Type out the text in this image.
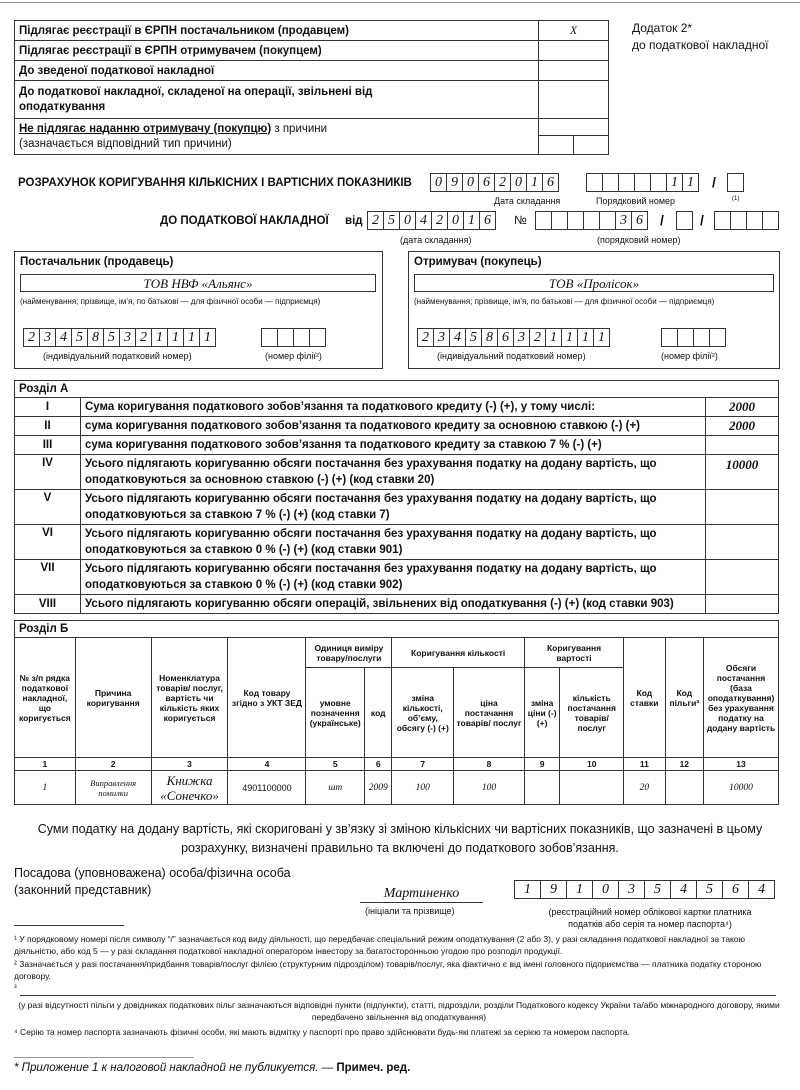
Підлягає реєстрації в ЄРПН постачальником (продавцем)	X
Підлягає реєстрації в ЄРПН отримувачем (покупцем)	
До зведеної податкової накладної	
До податкової накладної, складеної на операції, звільнені від оподаткування	
Не підлягає наданню отримувачу (покупцю) з причини
(зазначається відповідний тип причини)	
Додаток 2*
до податкової накладної
РОЗРАХУНОК КОРИГУВАННЯ КІЛЬКІСНИХ І ВАРТІСНИХ ПОКАЗНИКІВ	0 9 0 6 2 0 1 6
Дата складання
1 1	/
Порядковий номер	(1)
ДО ПОДАТКОВОЇ НАКЛАДНОЇ від 2 5 0 4 2 0 1 6
(дата складання)
№	3 6	/	/
(порядковий номер)
Постачальник (продавець)
ТОВ НВФ «Альянс»
(найменування; прізвище, ім’я, по батькові — для фізичної особи — підприємця)
2 3 4 5 8 5 3 2 1 1 1 1
(індивідуальний податковий номер)	(номер філії²)
Отримувач (покупець)
ТОВ «Пролісок»
(найменування; прізвище, ім’я, по батькові — для фізичної особи — підприємця)
2 3 4 5 8 6 3 2 1 1 1 1
(індивідуальний податковий номер)	(номер філії²)
Розділ А		
I	Сума коригування податкового зобов’язання та податкового кредиту (-) (+), у тому числі:	2000
II	сума коригування податкового зобов’язання та податкового кредиту за основною ставкою (-) (+)	2000
III	сума коригування податкового зобов’язання та податкового кредиту за ставкою 7 % (-) (+)	
IV	Усього підлягають коригуванню обсяги постачання без урахування податку на додану вартість, що оподатковуються за основною ставкою (-) (+) (код ставки 20)	10000
V	Усього підлягають коригуванню обсяги постачання без урахування податку на додану вартість, що оподатковуються за ставкою 7 % (-) (+) (код ставки 7)	
VI	Усього підлягають коригуванню обсяги постачання без урахування податку на додану вартість, що оподатковуються за ставкою 0 % (-) (+) (код ставки 901)	
VII	Усього підлягають коригуванню обсяги постачання без урахування податку на додану вартість, що оподатковуються за ставкою 0 % (-) (+) (код ставки 902)	
VIII	Усього підлягають коригуванню обсяги операцій, звільнених від оподаткування (-) (+) (код ставки 903)	
Розділ Б												
№ з/п рядка податкової накладної, що коригується	Причина коригування	Номенклатура товарів/ послуг, вартість чи кількість яких коригується	Код товару згідно з УКТ ЗЕД	Одиниця виміру товару/послуги		Коригування кількості		Коригування вартості		Код ставки	Код пільги³	Обсяги постачання (база оподаткування) без урахування податку на додану вартість
				умовне позначення (українське)	код	зміна кількості, об’єму, обсягу (-) (+)	ціна постачання товарів/ послуг	зміна ціни (-) (+)	кількість постачання товарів/ послуг			
1	2	3	4	5	6	7	8	9	10	11	12	13
1	Виправлення помилки	Книжка «Сонечко»	4901100000	шт	2009	100	100			20		10000
Суми податку на додану вартість, які скориговані у зв’язку зі зміною кількісних чи вартісних показників, що зазначені в цьому розрахунку, визначені правильно та включені до податкового зобов’язання.
Посадова (уповноважена) особа/фізична особа
(законний представник)	Мартиненко
(ініціали та прізвище)
1	9	1	0	3	5	4	5	6	4
(реєстраційний номер облікової картки платника податків або серія та номер паспорта⁴)
¹ У порядковому номері після символу “/” зазначається код виду діяльності, що передбачає спеціальний режим оподаткування (2 або 3), у разі складання податкової накладної за такою діяльністю, або код 5 — у разі складання податкової накладної оператором інвестору за багатосторонньою угодою про розподіл продукції.
² Зазначається у разі постачання/придбання товарів/послуг філією (структурним підрозділом) товарів/послуг, яка фактично є від імені головного підприємства — платника податку стороною договору.
³
(у разі відсутності пільги у довідниках податкових пільг зазначаються відповідні пункти (підпункти), статті, підрозділи, розділи Податкового кодексу України та/або міжнародного договору, якими передбачено звільнення від оподаткування)
⁴ Серію та номер паспорта зазначають фізичні особи, які мають відмітку у паспорті про право здійснювати будь-які платежі за серією та номером паспорта.
* Приложение 1 к налоговой накладной не публикуется. — Примеч. ред.
